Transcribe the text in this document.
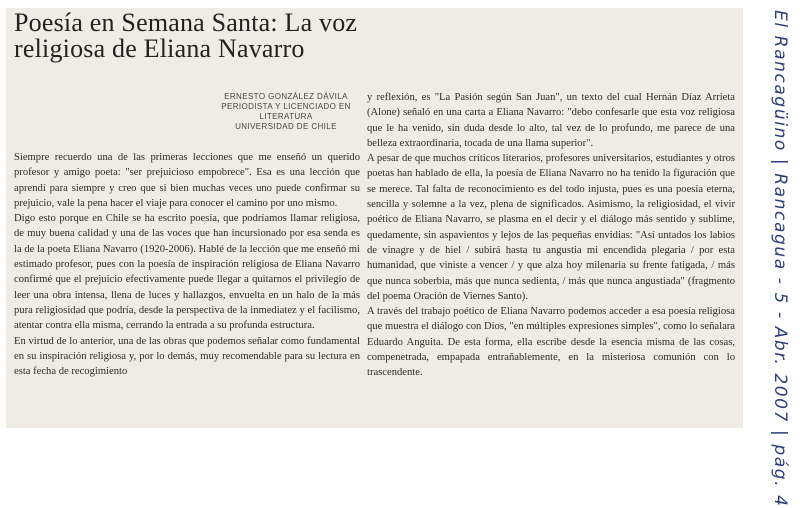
Poesía en Semana Santa: La voz religiosa de Eliana Navarro
ERNESTO GONZÁLEZ DÁVILA
PERIODISTA Y LICENCIADO EN LITERATURA
UNIVERSIDAD DE CHILE

Siempre recuerdo una de las primeras lecciones que me enseñó un querido profesor y amigo poeta: "ser prejuicioso empobrece". Esa es una lección que aprendí para siempre y creo que si bien muchas veces uno puede confirmar su prejuicio, vale la pena hacer el viaje para conocer el camino por uno mismo.

Digo esto porque en Chile se ha escrito poesía, que podríamos llamar religiosa, de muy buena calidad y una de las voces que han incursionado por esa senda es la de la poeta Eliana Navarro (1920-2006). Hablé de la lección que me enseñó mi estimado profesor, pues con la poesía de inspiración religiosa de Eliana Navarro confirmé que el prejuicio efectivamente puede llegar a quitarnos el privilegio de leer una obra intensa, llena de luces y hallazgos, envuelta en un halo de la más pura religiosidad que podría, desde la perspectiva de la inmediatez y el facilismo, atentar contra ella misma, cerrando la entrada a su profunda estructura.

En virtud de lo anterior, una de las obras que podemos señalar como fundamental en su inspiración religiosa y, por lo demás, muy recomendable para su lectura en esta fecha de recogimiento

y reflexión, es "La Pasión según San Juan", un texto del cual Hernán Díaz Arrieta (Alone) señaló en una carta a Eliana Navarro: "debo confesarle que esta voz religiosa que le ha venido, sin duda desde lo alto, tal vez de lo profundo, me parece de una belleza extraordinaria, tocada de una llama superior".

A pesar de que muchos críticos literarios, profesores universitarios, estudiantes y otros poetas han hablado de ella, la poesía de Eliana Navarro no ha tenido la figuración que se merece. Tal falta de reconocimiento es del todo injusta, pues es una poesía eterna, sencilla y solemne a la vez, plena de significados. Asimismo, la religiosidad, el vivir poético de Eliana Navarro, se plasma en el decir y el diálogo más sentido y sublime, quedamente, sin aspavientos y lejos de las pequeñas envidias: "Así untados los labios de vinagre y de hiel / subirá hasta tu angustia mi encendida plegaria / por esta humanidad, que viniste a vencer / y que alza hoy milenaria su frente fatigada, / más que nunca soberbia, más que nunca sedienta, / más que nunca angustiada" (fragmento del poema Oración de Viernes Santo).

A través del trabajo poético de Eliana Navarro podemos acceder a esa poesía religiosa que muestra el diálogo con Dios, "en múltiples expresiones simples", como lo señalara Eduardo Anguita. De esta forma, ella escribe desde la esencia misma de las cosas, compenetrada, empapada entrañablemente, en la misteriosa comunión con lo trascendente.	El Rancagüino | Rancagua - 5 - Abr. 2007 | pág. 4
